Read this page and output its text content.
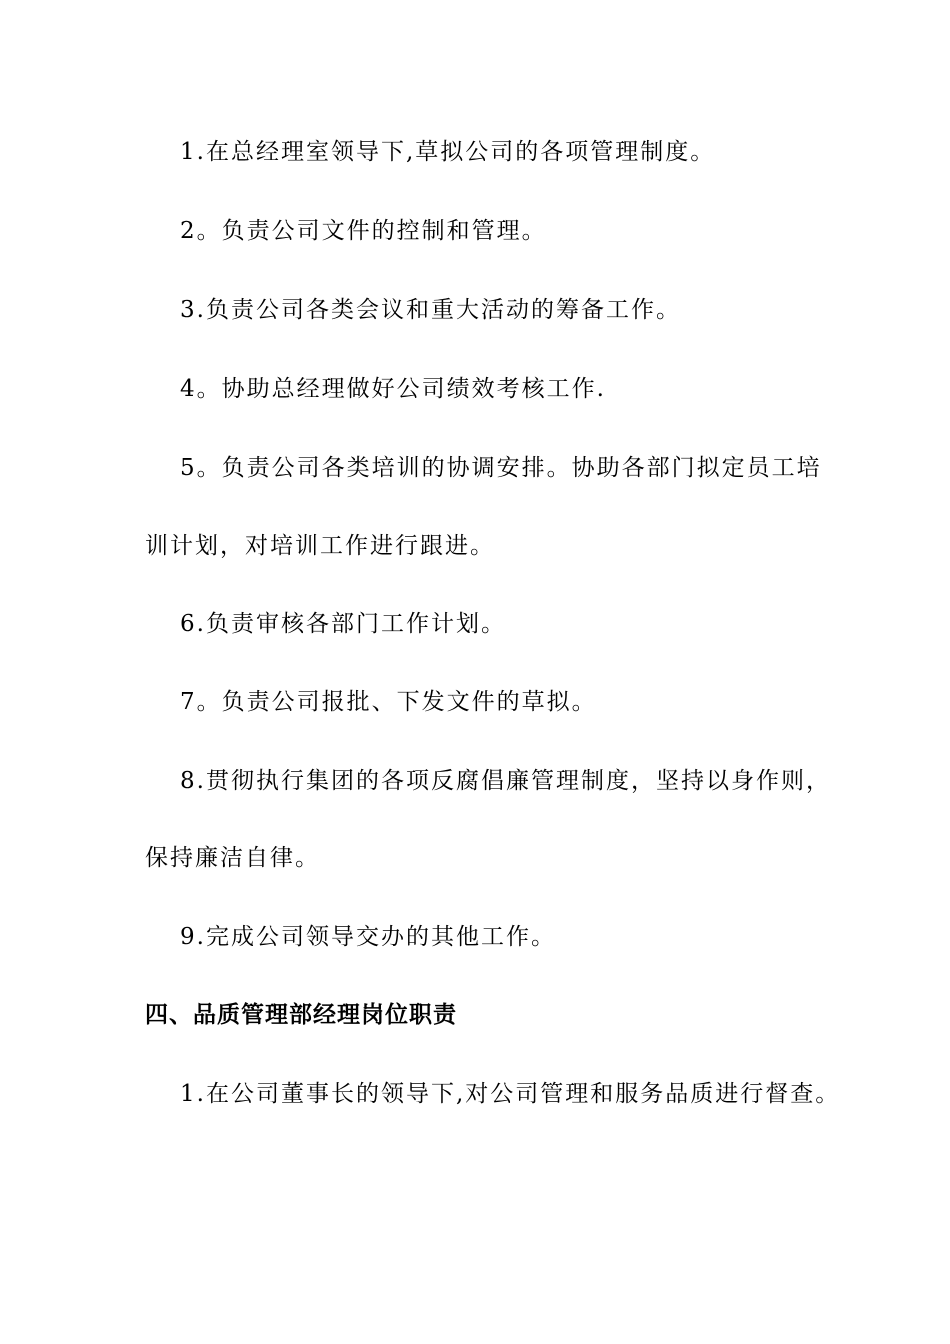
1.在总经理室领导下,草拟公司的各项管理制度。
2。负责公司文件的控制和管理。
3.负责公司各类会议和重大活动的筹备工作。
4。协助总经理做好公司绩效考核工作.
5。负责公司各类培训的协调安排。协助各部门拟定员工培
训计划，对培训工作进行跟进。
6.负责审核各部门工作计划。
7。负责公司报批、下发文件的草拟。
8.贯彻执行集团的各项反腐倡廉管理制度，坚持以身作则，
保持廉洁自律。
9.完成公司领导交办的其他工作。
四、品质管理部经理岗位职责
1.在公司董事长的领导下,对公司管理和服务品质进行督查。
